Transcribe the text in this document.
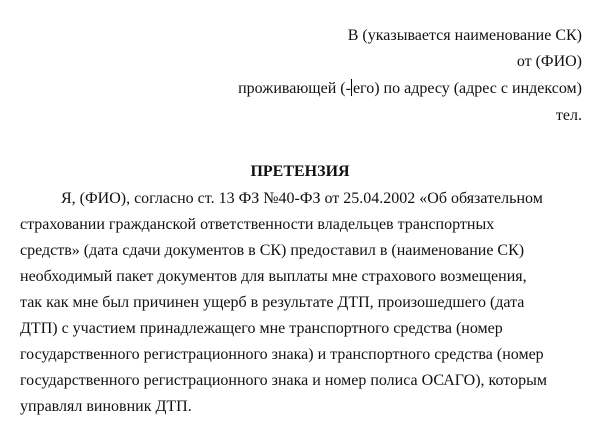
В (указывается наименование СК)
от (ФИО)
проживающей (- его) по адресу (адрес с индексом)
тел.
ПРЕТЕНЗИЯ
Я, (ФИО), согласно ст. 13 ФЗ №40-ФЗ от 25.04.2002 «Об обязательном
страховании гражданской ответственности владельцев транспортных
средств» (дата сдачи документов в СК) предоставил в (наименование СК)
необходимый пакет документов для выплаты мне страхового возмещения,
так как мне был причинен ущерб в результате ДТП, произошедшего (дата
ДТП) с участием принадлежащего мне транспортного средства (номер
государственного регистрационного знака) и транспортного средства (номер
государственного регистрационного знака и номер полиса ОСАГО), которым
управлял виновник ДТП.
